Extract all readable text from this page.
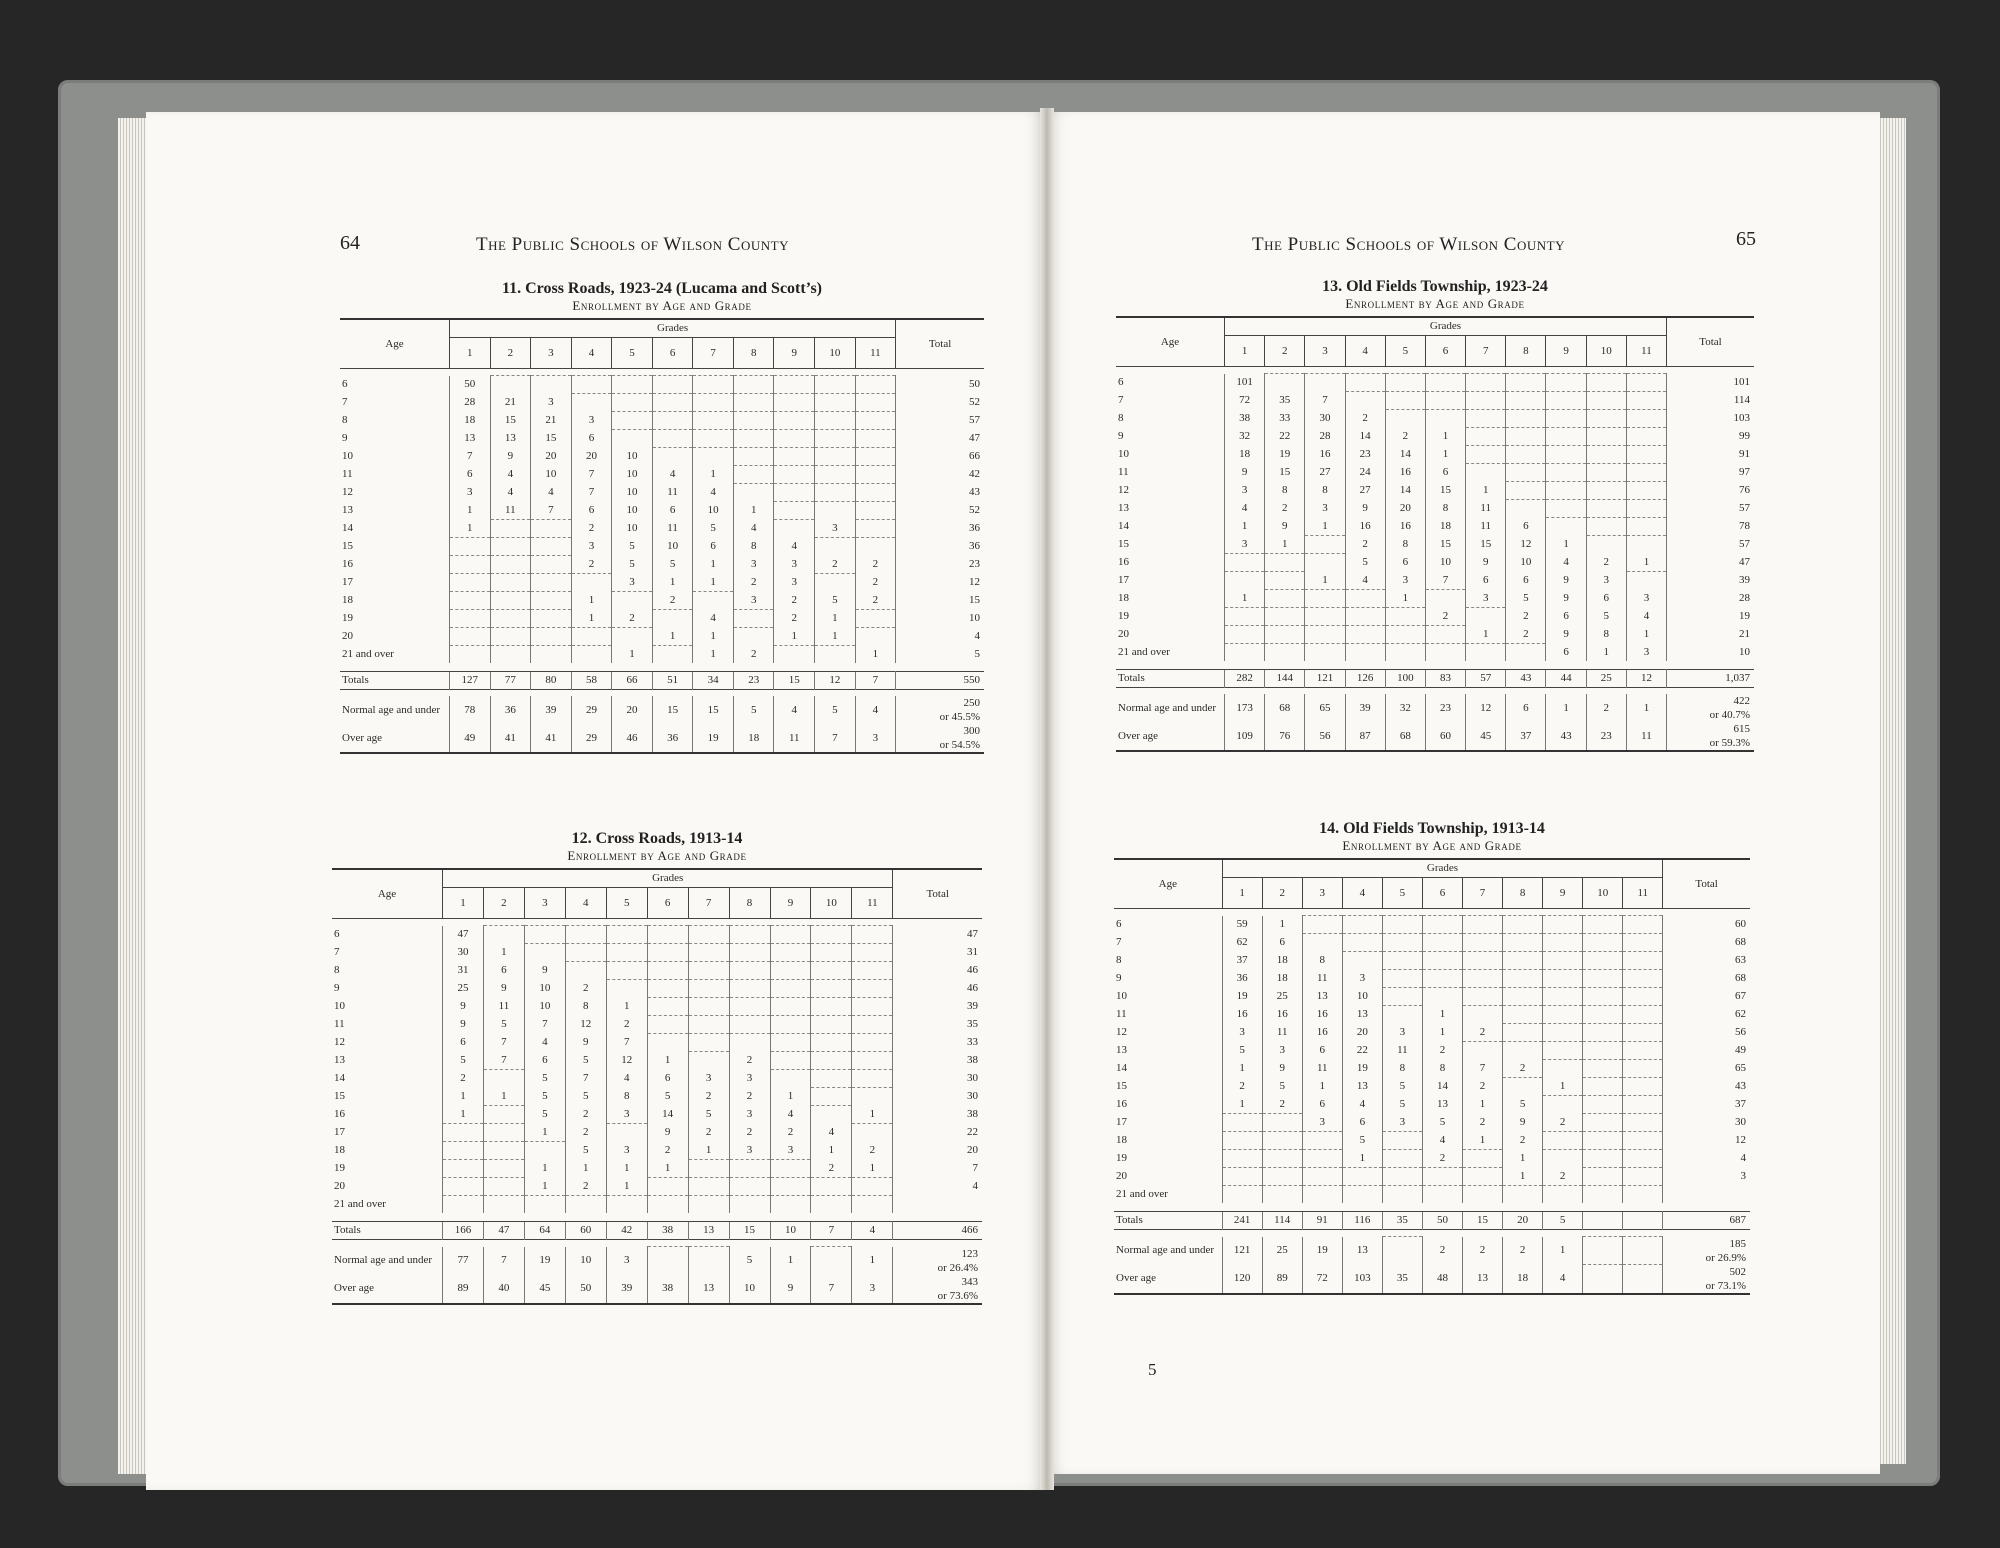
64	The Public Schools of Wilson County
11. Cross Roads, 1923-24 (Lucama and Scott’s)
Enrollment by Age and Grade
Age	Grades											Total
	1	2	3	4	5	6	7	8	9	10	11	

6	50											50
7	28	21	3									52
8	18	15	21	3								57
9	13	13	15	6								47
10	7	9	20	20	10							66
11	6	4	10	7	10	4	1					42
12	3	4	4	7	10	11	4					43
13	1	11	7	6	10	6	10	1				52
14	1			2	10	11	5	4		3		36
15				3	5	10	6	8	4			36
16				2	5	5	1	3	3	2	2	23
17					3	1	1	2	3		2	12
18				1		2		3	2	5	2	15
19				1	2		4		2	1		10
20						1	1		1	1		4
21 and over					1		1	2			1	5

Totals	127	77	80	58	66	51	34	23	15	12	7	550

Normal age and under	78	36	39	29	20	15	15	5	4	5	4	250
or 45.5%

Over age	49	41	41	29	46	36	19	18	11	7	3	300
or 54.5%
12. Cross Roads, 1913-14
Enrollment by Age and Grade
Age	Grades											Total
	1	2	3	4	5	6	7	8	9	10	11	

6	47											47
7	30	1										31
8	31	6	9									46
9	25	9	10	2								46
10	9	11	10	8	1							39
11	9	5	7	12	2							35
12	6	7	4	9	7							33
13	5	7	6	5	12	1		2				38
14	2		5	7	4	6	3	3				30
15	1	1	5	5	8	5	2	2	1			30
16	1		5	2	3	14	5	3	4		1	38
17			1	2		9	2	2	2	4		22
18				5	3	2	1	3	3	1	2	20
19			1	1	1	1				2	1	7
20			1	2	1							4
21 and over												

Totals	166	47	64	60	42	38	13	15	10	7	4	466

Normal age and under	77	7	19	10	3			5	1		1	123
or 26.4%

Over age	89	40	45	50	39	38	13	10	9	7	3	343
or 73.6%
The Public Schools of Wilson County	65
13. Old Fields Township, 1923-24
Enrollment by Age and Grade
Age	Grades											Total
	1	2	3	4	5	6	7	8	9	10	11	

6	101											101
7	72	35	7									114
8	38	33	30	2								103
9	32	22	28	14	2	1						99
10	18	19	16	23	14	1						91
11	9	15	27	24	16	6						97
12	3	8	8	27	14	15	1					76
13	4	2	3	9	20	8	11					57
14	1	9	1	16	16	18	11	6				78
15	3	1		2	8	15	15	12	1			57
16				5	6	10	9	10	4	2	1	47
17			1	4	3	7	6	6	9	3		39
18	1				1		3	5	9	6	3	28
19						2		2	6	5	4	19
20							1	2	9	8	1	21
21 and over									6	1	3	10

Totals	282	144	121	126	100	83	57	43	44	25	12	1,037

Normal age and under	173	68	65	39	32	23	12	6	1	2	1	422
or 40.7%

Over age	109	76	56	87	68	60	45	37	43	23	11	615
or 59.3%
14. Old Fields Township, 1913-14
Enrollment by Age and Grade
Age	Grades											Total
	1	2	3	4	5	6	7	8	9	10	11	

6	59	1										60
7	62	6										68
8	37	18	8									63
9	36	18	11	3								68
10	19	25	13	10								67
11	16	16	16	13		1						62
12	3	11	16	20	3	1	2					56
13	5	3	6	22	11	2						49
14	1	9	11	19	8	8	7	2				65
15	2	5	1	13	5	14	2		1			43
16	1	2	6	4	5	13	1	5				37
17			3	6	3	5	2	9	2			30
18				5		4	1	2				12
19				1		2		1				4
20								1	2			3
21 and over												

Totals	241	114	91	116	35	50	15	20	5			687

Normal age and under	121	25	19	13		2	2	2	1			185
or 26.9%

Over age	120	89	72	103	35	48	13	18	4			502
or 73.1%
5
